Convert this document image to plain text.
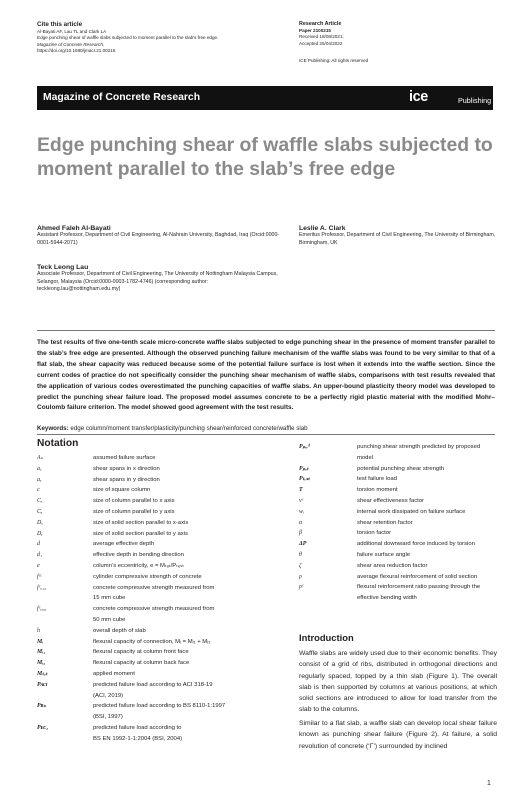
Cite this article
Al-Bayati AF, Lau TL and Clark LA
Edge punching shear of waffle slabs subjected to moment parallel to the slab's free edge.
Magazine of Concrete Research,
https://doi.org/10.1680/jmacr.21.00215
Research Article
Paper 2100215
Received 18/08/2021;
Accepted 25/04/2022
ICE Publishing: All rights reserved
Magazine of Concrete Research	ice	Publishing
Edge punching shear of waffle slabs subjected to moment parallel to the slab’s free edge
Ahmed Faleh Al-Bayati
Assistant Professor, Department of Civil Engineering, Al-Nahrain University, Baghdad, Iraq (Orcid:0000-0001-5944-2071)
Leslie A. Clark
Emeritus Professor, Department of Civil Engineering, The University of Birmingham, Birmingham, UK
Teck Leong Lau
Associate Professor, Department of Civil Engineering, The University of Nottingham Malaysia Campus, Selangor, Malaysia (Orcid:0000-0003-1782-4746) (corresponding author: teckleong.lau@nottingham.edu.my)
The test results of five one-tenth scale micro-concrete waffle slabs subjected to edge punching shear in the presence of moment transfer parallel to the slab’s free edge are presented. Although the observed punching failure mechanism of the waffle slabs was found to be very similar to that of a flat slab, the shear capacity was reduced because some of the potential failure surface is lost when it extends into the waffle section. Since the current codes of practice do not specifically consider the punching shear mechanism of waffle slabs, comparisons with test results revealed that the application of various codes overestimated the punching capacities of waffle slabs. An upper-bound plasticity theory model was developed to predict the punching shear failure load. The proposed model assumes concrete to be a perfectly rigid plastic material with the modified Mohr–Coulomb failure criterion. The model showed good agreement with the test results.
Keywords: edge column/moment transfer/plasticity/punching shear/reinforced concrete/waffle slab
Notation
Aₛ	assumed failure surface
aₓ	shear spans in x direction
aᵧ	shear spans in y direction
c	size of square column
Cₓ	size of column parallel to x axis
Cᵧ	size of column parallel to y axis
Dₓ	size of solid section parallel to x-axis
Dᵧ	size of solid section parallel to y axis
d	average effective depth
d₁	effective depth in bending direction
e	column’s eccentricity, e = Mₜₒₜ/Pₜₑₛₜ
fᶜᶜ	cylinder compressive strength of concrete
fᶜᵤ₁₅	concrete compressive strength measured from
15 mm cube
fᶜᵤ₅₀	concrete compressive strength measured from
50 mm cube
h	overall depth of slab
Mᵢ	flexural capacity of connection, Mᵢ = Mᵢ₁ + Mᵢ₂
Mᵢ₁	flexural capacity at column front face
Mᵢ₂	flexural capacity at column back face
Mₜₒₜ	applied moment
Pᴀᴄɪ	predicted failure load according to ACI 318-19
(ACI, 2019)
Pʙₛ	predicted failure load according to BS 8110-1:1997
(BSI, 1997)
Pᴇᴄ₂	predicted failure load according to
BS EN 1992-1-1:2004 (BSI, 2004)
Pₚᵣₑᵈ	punching shear strength predicted by proposed
model
Pₚₒₜ	potential punching shear strength
Pₜₑₛₜ	test failure load
T	torsion moment
vᶜ	shear effectiveness factor
wᵢ	internal work dissipated on failure surface
α	shear retention factor
β	torsion factor
ΔP	additional downward force induced by torsion
θ	failure surface angle
ζ	shear area reduction factor
ρ	average flexural reinforcement of solid section
ρᶜ	flexural reinforcement ratio passing through the
effective bending width
Introduction
Waffle slabs are widely used due to their economic benefits. They consist of a grid of ribs, distributed in orthogonal directions and regularly spaced, topped by a thin slab (Figure 1). The overall slab is then supported by columns at various positions, at which solid sections are introduced to allow for load transfer from the slab to the columns.
Similar to a flat slab, a waffle slab can develop local shear failure known as punching shear failure (Figure 2). At failure, a solid revolution of concrete (‘Γ’) surrounded by inclined
1
